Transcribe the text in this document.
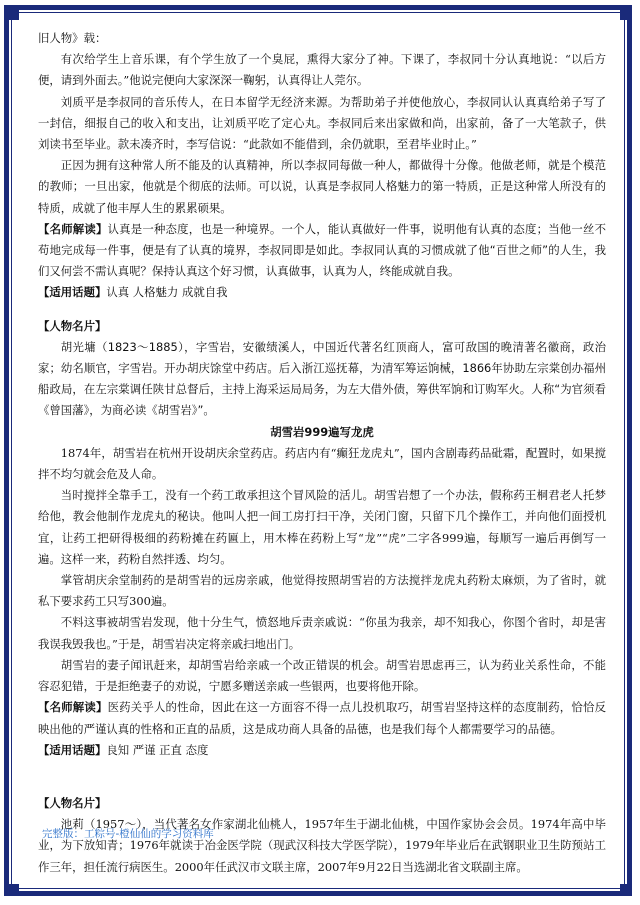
旧人物》载：

有次给学生上音乐课，有个学生放了一个臭屁，熏得大家分了神。下课了，李叔同十分认真地说：“以后方便，请到外面去。”他说完便向大家深深一鞠躬，认真得让人莞尔。

刘质平是李叔同的音乐传人，在日本留学无经济来源。为帮助弟子并使他放心，李叔同认认真真给弟子写了一封信，细报自己的收入和支出，让刘质平吃了定心丸。李叔同后来出家做和尚，出家前，备了一大笔款子，供刘读书至毕业。款未凑齐时，李写信说：“此款如不能借到，余仍就职，至君毕业时止。”

正因为拥有这种常人所不能及的认真精神，所以李叔同每做一种人，都做得十分像。他做老师，就是个模范的教师；一旦出家，他就是个彻底的法师。可以说，认真是李叔同人格魅力的第一特质，正是这种常人所没有的特质，成就了他丰厚人生的累累硕果。

【名师解读】认真是一种态度，也是一种境界。一个人，能认真做好一件事，说明他有认真的态度；当他一丝不苟地完成每一件事，便是有了认真的境界，李叔同即是如此。李叔同认真的习惯成就了他“百世之师”的人生，我们又何尝不需认真呢？保持认真这个好习惯，认真做事，认真为人，终能成就自我。

【适用话题】认真 人格魅力 成就自我

【人物名片】

胡光墉（1823～1885），字雪岩，安徽绩溪人，中国近代著名红顶商人，富可敌国的晚清著名徽商，政治家；幼名顺官，字雪岩。开办胡庆馀堂中药店。后入浙江巡抚幕，为清军筹运饷械，1866年协助左宗棠创办福州船政局，在左宗棠调任陕甘总督后，主持上海采运局局务，为左大借外债，筹供军饷和订购军火。人称“为官须看《曾国藩》，为商必读《胡雪岩》”。

胡雪岩999遍写龙虎

1874年，胡雪岩在杭州开设胡庆余堂药店。药店内有“癫狂龙虎丸”，国内含剧毒药品砒霜，配置时，如果搅拌不均匀就会危及人命。

当时搅拌全靠手工，没有一个药工敢承担这个冒风险的活儿。胡雪岩想了一个办法，假称药王桐君老人托梦给他，教会他制作龙虎丸的秘诀。他叫人把一间工房打扫干净，关闭门窗，只留下几个操作工，并向他们面授机宜，让药工把研得极细的药粉摊在药匾上，用木棒在药粉上写“龙”“虎”二字各999遍，每顺写一遍后再倒写一遍。这样一来，药粉自然拌透、均匀。

掌管胡庆余堂制药的是胡雪岩的远房亲戚，他觉得按照胡雪岩的方法搅拌龙虎丸药粉太麻烦，为了省时，就私下要求药工只写300遍。

不料这事被胡雪岩发现，他十分生气，愤怒地斥责亲戚说：“你虽为我亲，却不知我心，你图个省时，却是害我误我毁我也。”于是，胡雪岩决定将亲戚扫地出门。

胡雪岩的妻子闻讯赶来，却胡雪岩给亲戚一个改正错误的机会。胡雪岩思虑再三，认为药业关系性命，不能容忍犯错，于是拒绝妻子的劝说，宁愿多赠送亲戚一些银两，也要将他开除。

【名师解读】医药关乎人的性命，因此在这一方面容不得一点儿投机取巧，胡雪岩坚持这样的态度制药，恰恰反映出他的严谨认真的性格和正直的品质，这是成功商人具备的品德，也是我们每个人都需要学习的品德。

【适用话题】良知 严谨 正直 态度

【人物名片】

池莉（1957～），当代著名女作家湖北仙桃人，1957年生于湖北仙桃，中国作家协会会员。1974年高中毕业，为下放知青；1976年就读于冶金医学院（现武汉科技大学医学院），1979年毕业后在武钢职业卫生防预站工作三年，担任流行病医生。2000年任武汉市文联主席，2007年9月22日当选湖北省文联副主席。

完整版：工粽号-橙仙仙的学习资料库
